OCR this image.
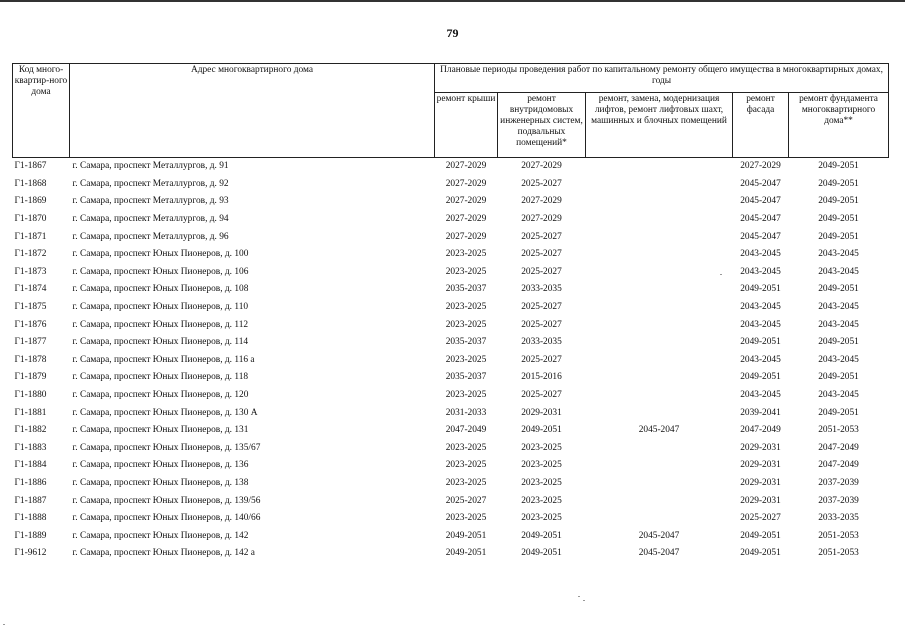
79
Код много-квартир-ного дома	Адрес многоквартирного дома	Плановые периоды проведения работ по капитальному ремонту общего имущества в многоквартирных домах, годы				
		ремонт крыши	ремонт внутридомовых инженерных систем, подвальных помещений*	ремонт, замена, модернизация лифтов, ремонт лифтовых шахт, машинных и блочных помещений	ремонт фасада	ремонт фундамента многоквартирного дома**
Г1-1867	г. Самара, проспект Металлургов, д. 91	2027-2029	2027-2029		2027-2029	2049-2051
Г1-1868	г. Самара, проспект Металлургов, д. 92	2027-2029	2025-2027		2045-2047	2049-2051
Г1-1869	г. Самара, проспект Металлургов, д. 93	2027-2029	2027-2029		2045-2047	2049-2051
Г1-1870	г. Самара, проспект Металлургов, д. 94	2027-2029	2027-2029		2045-2047	2049-2051
Г1-1871	г. Самара, проспект Металлургов, д. 96	2027-2029	2025-2027		2045-2047	2049-2051
Г1-1872	г. Самара, проспект Юных Пионеров, д. 100	2023-2025	2025-2027		2043-2045	2043-2045
Г1-1873	г. Самара, проспект Юных Пионеров, д. 106	2023-2025	2025-2027		2043-2045	2043-2045
Г1-1874	г. Самара, проспект Юных Пионеров, д. 108	2035-2037	2033-2035		2049-2051	2049-2051
Г1-1875	г. Самара, проспект Юных Пионеров, д. 110	2023-2025	2025-2027		2043-2045	2043-2045
Г1-1876	г. Самара, проспект Юных Пионеров, д. 112	2023-2025	2025-2027		2043-2045	2043-2045
Г1-1877	г. Самара, проспект Юных Пионеров, д. 114	2035-2037	2033-2035		2049-2051	2049-2051
Г1-1878	г. Самара, проспект Юных Пионеров, д. 116 а	2023-2025	2025-2027		2043-2045	2043-2045
Г1-1879	г. Самара, проспект Юных Пионеров, д. 118	2035-2037	2015-2016		2049-2051	2049-2051
Г1-1880	г. Самара, проспект Юных Пионеров, д. 120	2023-2025	2025-2027		2043-2045	2043-2045
Г1-1881	г. Самара, проспект Юных Пионеров, д. 130 А	2031-2033	2029-2031		2039-2041	2049-2051
Г1-1882	г. Самара, проспект Юных Пионеров, д. 131	2047-2049	2049-2051	2045-2047	2047-2049	2051-2053
Г1-1883	г. Самара, проспект Юных Пионеров, д. 135/67	2023-2025	2023-2025		2029-2031	2047-2049
Г1-1884	г. Самара, проспект Юных Пионеров, д. 136	2023-2025	2023-2025		2029-2031	2047-2049
Г1-1886	г. Самара, проспект Юных Пионеров, д. 138	2023-2025	2023-2025		2029-2031	2037-2039
Г1-1887	г. Самара, проспект Юных Пионеров, д. 139/56	2025-2027	2023-2025		2029-2031	2037-2039
Г1-1888	г. Самара, проспект Юных Пионеров, д. 140/66	2023-2025	2023-2025		2025-2027	2033-2035
Г1-1889	г. Самара, проспект Юных Пионеров, д. 142	2049-2051	2049-2051	2045-2047	2049-2051	2051-2053
Г1-9612	г. Самара, проспект Юных Пионеров, д. 142 а	2049-2051	2049-2051	2045-2047	2049-2051	2051-2053
